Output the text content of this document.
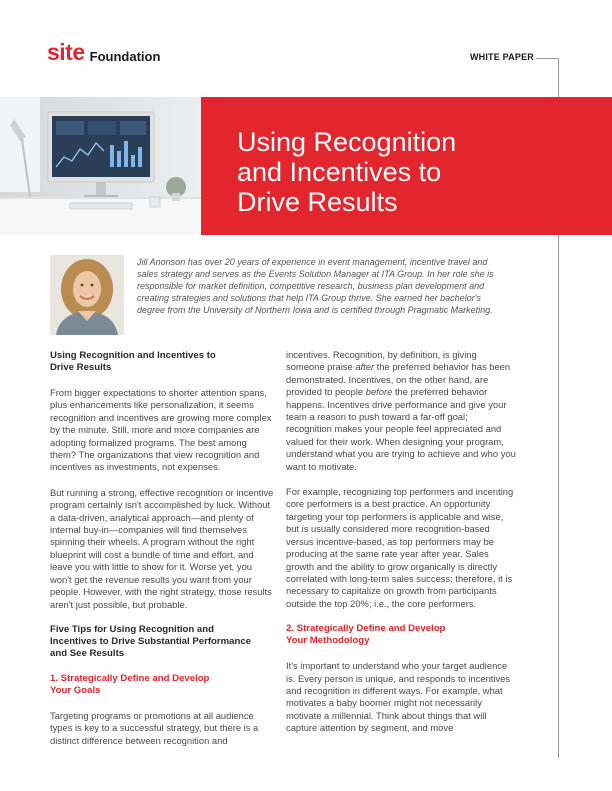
site Foundation	WHITE PAPER
Using Recognition
and Incentives to
Drive Results

Jill Anonson has over 20 years of experience in event management, incentive travel and
sales strategy and serves as the Events Solution Manager at ITA Group. In her role she is
responsible for market definition, competitive research, business plan development and
creating strategies and solutions that help ITA Group thrive. She earned her bachelor's
degree from the University of Northern Iowa and is certified through Pragmatic Marketing.

Using Recognition and Incentives to
Drive Results

From bigger expectations to shorter attention spans, plus enhancements like personalization, it seems recognition and incentives are growing more complex by the minute. Still, more and more companies are adopting formalized programs. The best among them? The organizations that view recognition and incentives as investments, not expenses.

But running a strong, effective recognition or incentive program certainly isn't accomplished by luck. Without a data-driven, analytical approach—and plenty of internal buy-in—companies will find themselves spinning their wheels. A program without the right blueprint will cost a bundle of time and effort, and leave you with little to show for it. Worse yet, you won't get the revenue results you want from your people. However, with the right strategy, those results aren't just possible, but probable.

Five Tips for Using Recognition and
Incentives to Drive Substantial Performance
and See Results

1. Strategically Define and Develop
Your Goals

Targeting programs or promotions at all audience types is key to a successful strategy, but there is a distinct difference between recognition and

incentives. Recognition, by definition, is giving someone praise after the preferred behavior has been demonstrated. Incentives, on the other hand, are provided to people before the preferred behavior happens. Incentives drive performance and give your team a reason to push toward a far-off goal; recognition makes your people feel appreciated and valued for their work. When designing your program, understand what you are trying to achieve and who you want to motivate.

For example, recognizing top performers and incenting core performers is a best practice. An opportunity targeting your top performers is applicable and wise, but is usually considered more recognition-based versus incentive-based, as top performers may be producing at the same rate year after year. Sales growth and the ability to grow organically is directly correlated with long-term sales success; therefore, it is necessary to capitalize on growth from participants outside the top 20%; i.e., the core performers.

2. Strategically Define and Develop
Your Methodology

It's important to understand who your target audience is. Every person is unique, and responds to incentives and recognition in different ways. For example, what motivates a baby boomer might not necessarily motivate a millennial. Think about things that will capture attention by segment, and move
